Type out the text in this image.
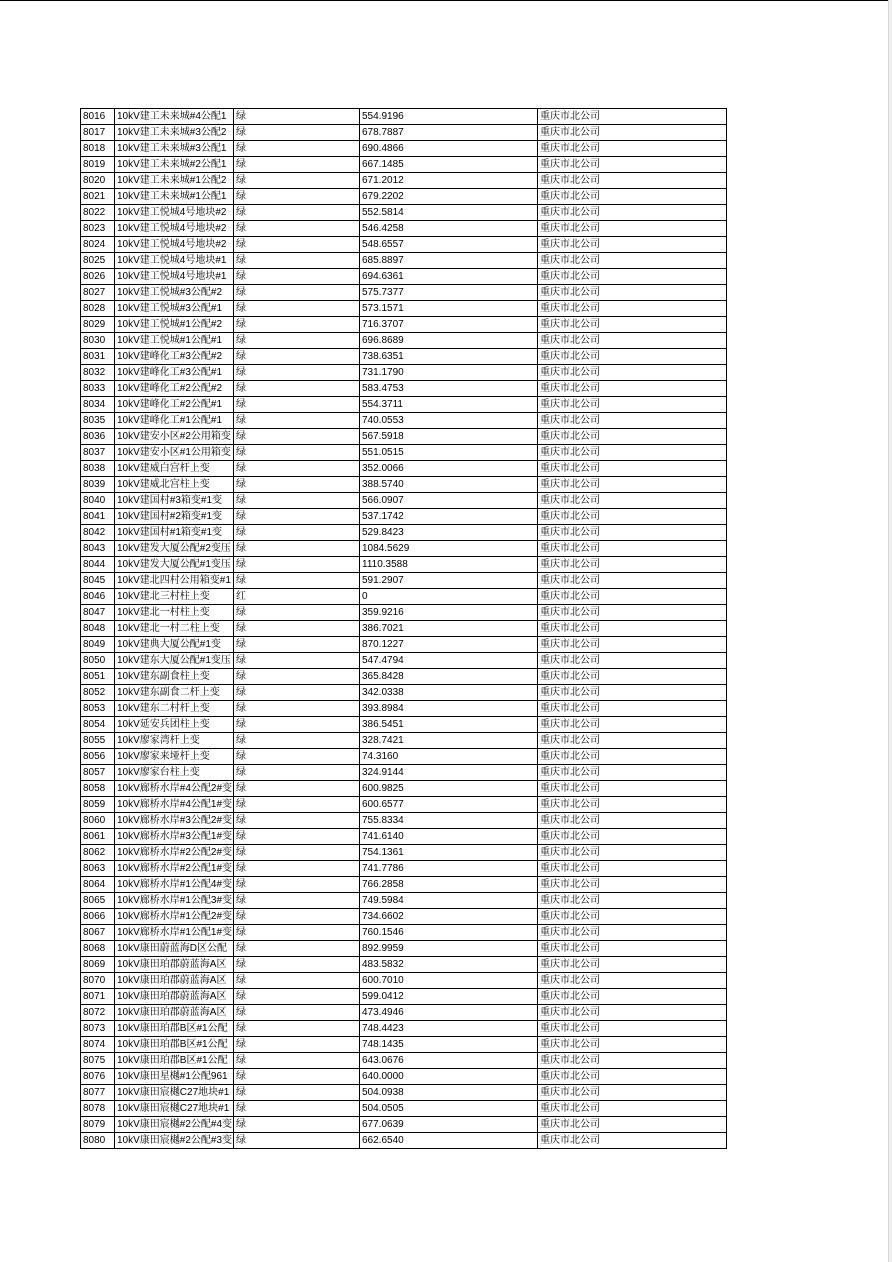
8016	10kV建工未来城#4公配1	绿	554.9196	重庆市北公司
8017	10kV建工未来城#3公配2	绿	678.7887	重庆市北公司
8018	10kV建工未来城#3公配1	绿	690.4866	重庆市北公司
8019	10kV建工未来城#2公配1	绿	667.1485	重庆市北公司
8020	10kV建工未来城#1公配2	绿	671.2012	重庆市北公司
8021	10kV建工未来城#1公配1	绿	679.2202	重庆市北公司
8022	10kV建工悦城4号地块#2	绿	552.5814	重庆市北公司
8023	10kV建工悦城4号地块#2	绿	546.4258	重庆市北公司
8024	10kV建工悦城4号地块#2	绿	548.6557	重庆市北公司
8025	10kV建工悦城4号地块#1	绿	685.8897	重庆市北公司
8026	10kV建工悦城4号地块#1	绿	694.6361	重庆市北公司
8027	10kV建工悦城#3公配#2	绿	575.7377	重庆市北公司
8028	10kV建工悦城#3公配#1	绿	573.1571	重庆市北公司
8029	10kV建工悦城#1公配#2	绿	716.3707	重庆市北公司
8030	10kV建工悦城#1公配#1	绿	696.8689	重庆市北公司
8031	10kV建峰化工#3公配#2	绿	738.6351	重庆市北公司
8032	10kV建峰化工#3公配#1	绿	731.1790	重庆市北公司
8033	10kV建峰化工#2公配#2	绿	583.4753	重庆市北公司
8034	10kV建峰化工#2公配#1	绿	554.3711	重庆市北公司
8035	10kV建峰化工#1公配#1	绿	740.0553	重庆市北公司
8036	10kV建安小区#2公用箱变	绿	567.5918	重庆市北公司
8037	10kV建安小区#1公用箱变	绿	551.0515	重庆市北公司
8038	10kV建威白宫杆上变	绿	352.0066	重庆市北公司
8039	10kV建威北宫柱上变	绿	388.5740	重庆市北公司
8040	10kV建国村#3箱变#1变	绿	566.0907	重庆市北公司
8041	10kV建国村#2箱变#1变	绿	537.1742	重庆市北公司
8042	10kV建国村#1箱变#1变	绿	529.8423	重庆市北公司
8043	10kV建发大厦公配#2变压	绿	1084.5629	重庆市北公司
8044	10kV建发大厦公配#1变压	绿	1110.3588	重庆市北公司
8045	10kV建北四村公用箱变#1	绿	591.2907	重庆市北公司
8046	10kV建北三村柱上变	红	0	重庆市北公司
8047	10kV建北一村柱上变	绿	359.9216	重庆市北公司
8048	10kV建北一村二柱上变	绿	386.7021	重庆市北公司
8049	10kV建典大厦公配#1变	绿	870.1227	重庆市北公司
8050	10kV建东大厦公配#1变压	绿	547.4794	重庆市北公司
8051	10kV建东副食柱上变	绿	365.8428	重庆市北公司
8052	10kV建东副食二杆上变	绿	342.0338	重庆市北公司
8053	10kV建东二村杆上变	绿	393.8984	重庆市北公司
8054	10kV延安兵团柱上变	绿	386.5451	重庆市北公司
8055	10kV廖家湾杆上变	绿	328.7421	重庆市北公司
8056	10kV廖家来垭杆上变	绿	74.3160	重庆市北公司
8057	10kV廖家台柱上变	绿	324.9144	重庆市北公司
8058	10kV廊桥水岸#4公配2#变	绿	600.9825	重庆市北公司
8059	10kV廊桥水岸#4公配1#变	绿	600.6577	重庆市北公司
8060	10kV廊桥水岸#3公配2#变	绿	755.8334	重庆市北公司
8061	10kV廊桥水岸#3公配1#变	绿	741.6140	重庆市北公司
8062	10kV廊桥水岸#2公配2#变	绿	754.1361	重庆市北公司
8063	10kV廊桥水岸#2公配1#变	绿	741.7786	重庆市北公司
8064	10kV廊桥水岸#1公配4#变	绿	766.2858	重庆市北公司
8065	10kV廊桥水岸#1公配3#变	绿	749.5984	重庆市北公司
8066	10kV廊桥水岸#1公配2#变	绿	734.6602	重庆市北公司
8067	10kV廊桥水岸#1公配1#变	绿	760.1546	重庆市北公司
8068	10kV康田蔚蓝海D区公配	绿	892.9959	重庆市北公司
8069	10kV康田珀郡蔚蓝海A区	绿	483.5832	重庆市北公司
8070	10kV康田珀郡蔚蓝海A区	绿	600.7010	重庆市北公司
8071	10kV康田珀郡蔚蓝海A区	绿	599.0412	重庆市北公司
8072	10kV康田珀郡蔚蓝海A区	绿	473.4946	重庆市北公司
8073	10kV康田珀郡B区#1公配	绿	748.4423	重庆市北公司
8074	10kV康田珀郡B区#1公配	绿	748.1435	重庆市北公司
8075	10kV康田珀郡B区#1公配	绿	643.0676	重庆市北公司
8076	10kV康田星樾#1公配961	绿	640.0000	重庆市北公司
8077	10kV康田宸樾C27地块#1	绿	504.0938	重庆市北公司
8078	10kV康田宸樾C27地块#1	绿	504.0505	重庆市北公司
8079	10kV康田宸樾#2公配#4变	绿	677.0639	重庆市北公司
8080	10kV康田宸樾#2公配#3变	绿	662.6540	重庆市北公司
